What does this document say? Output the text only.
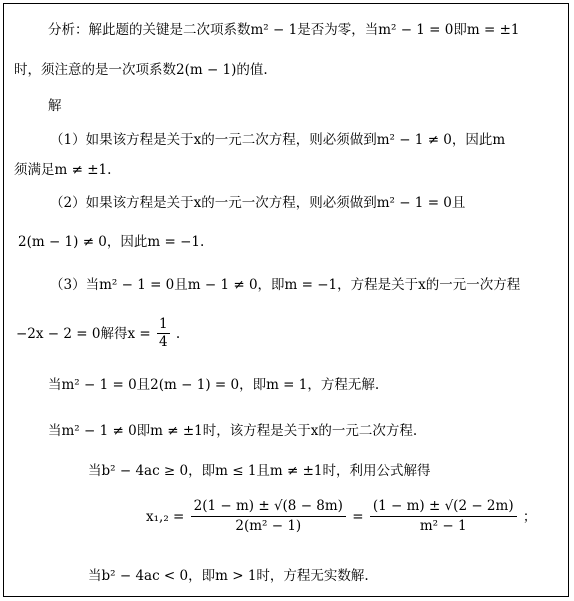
分析：解此题的关键是二次项系数m² − 1是否为零，当m² − 1 = 0即m = ±1
时，须注意的是一次项系数2(m − 1)的值.
解
（1）如果该方程是关于x的一元二次方程，则必须做到m² − 1 ≠ 0，因此m
须满足m ≠ ±1.
（2）如果该方程是关于x的一元一次方程，则必须做到m² − 1 = 0且
2(m − 1) ≠ 0，因此m = −1.
（3）当m² − 1 = 0且m − 1 ≠ 0，即m = −1，方程是关于x的一元一次方程
−2x − 2 = 0解得$x = \frac{1}{4}$ .
当m² − 1 = 0且2(m − 1) = 0，即m = 1，方程无解.
当m² − 1 ≠ 0即m ≠ ±1时，该方程是关于x的一元二次方程.
当b² − 4ac ≥ 0，即m ≤ 1且m ≠ ±1时，利用公式解得
$x_1,_2 = \frac{2(1 - m) \pm √(8 - 8m)}{\text{2(m² − 1)}} = \frac{(1 - m) \pm √(2 - 2m)}{\text{m² − 1}}$ ；
当b² − 4ac < 0，即m > 1时，方程无实数解.
